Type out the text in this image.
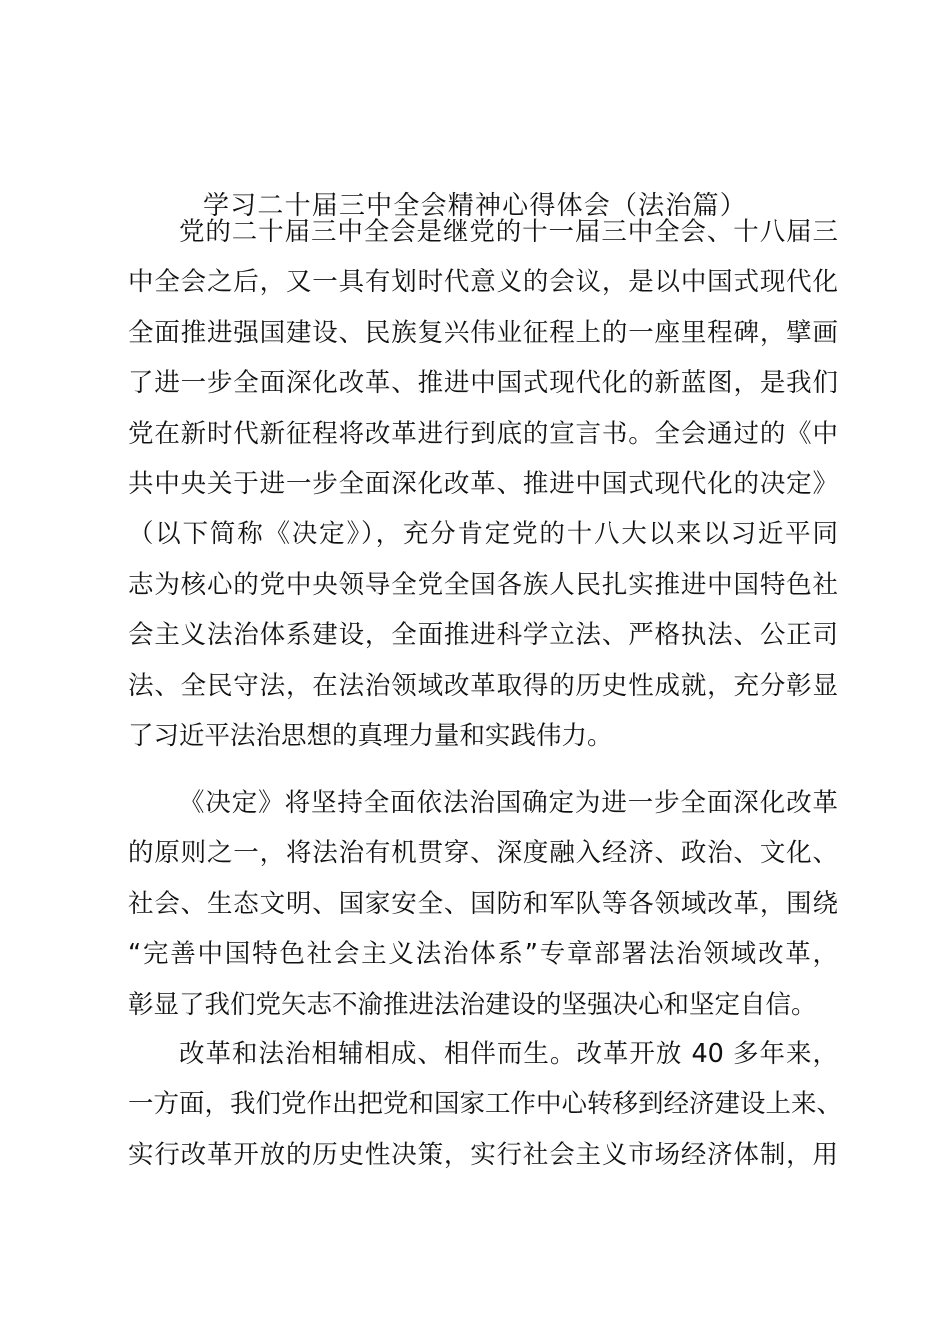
学习二十届三中全会精神心得体会（法治篇）
党的二十届三中全会是继党的十一届三中全会、十八届三
中全会之后，又一具有划时代意义的会议，是以中国式现代化
全面推进强国建设、民族复兴伟业征程上的一座里程碑，擘画
了进一步全面深化改革、推进中国式现代化的新蓝图，是我们
党在新时代新征程将改革进行到底的宣言书。全会通过的《中
共中央关于进一步全面深化改革、推进中国式现代化的决定》
（以下简称《决定》），充分肯定党的十八大以来以习近平同
志为核心的党中央领导全党全国各族人民扎实推进中国特色社
会主义法治体系建设，全面推进科学立法、严格执法、公正司
法、全民守法，在法治领域改革取得的历史性成就，充分彰显
了习近平法治思想的真理力量和实践伟力。
《决定》将坚持全面依法治国确定为进一步全面深化改革
的原则之一，将法治有机贯穿、深度融入经济、政治、文化、
社会、生态文明、国家安全、国防和军队等各领域改革，围绕
“完善中国特色社会主义法治体系”专章部署法治领域改革，
彰显了我们党矢志不渝推进法治建设的坚强决心和坚定自信。
改革和法治相辅相成、相伴而生。改革开放 40 多年来，
一方面，我们党作出把党和国家工作中心转移到经济建设上来、
实行改革开放的历史性决策，实行社会主义市场经济体制，用
